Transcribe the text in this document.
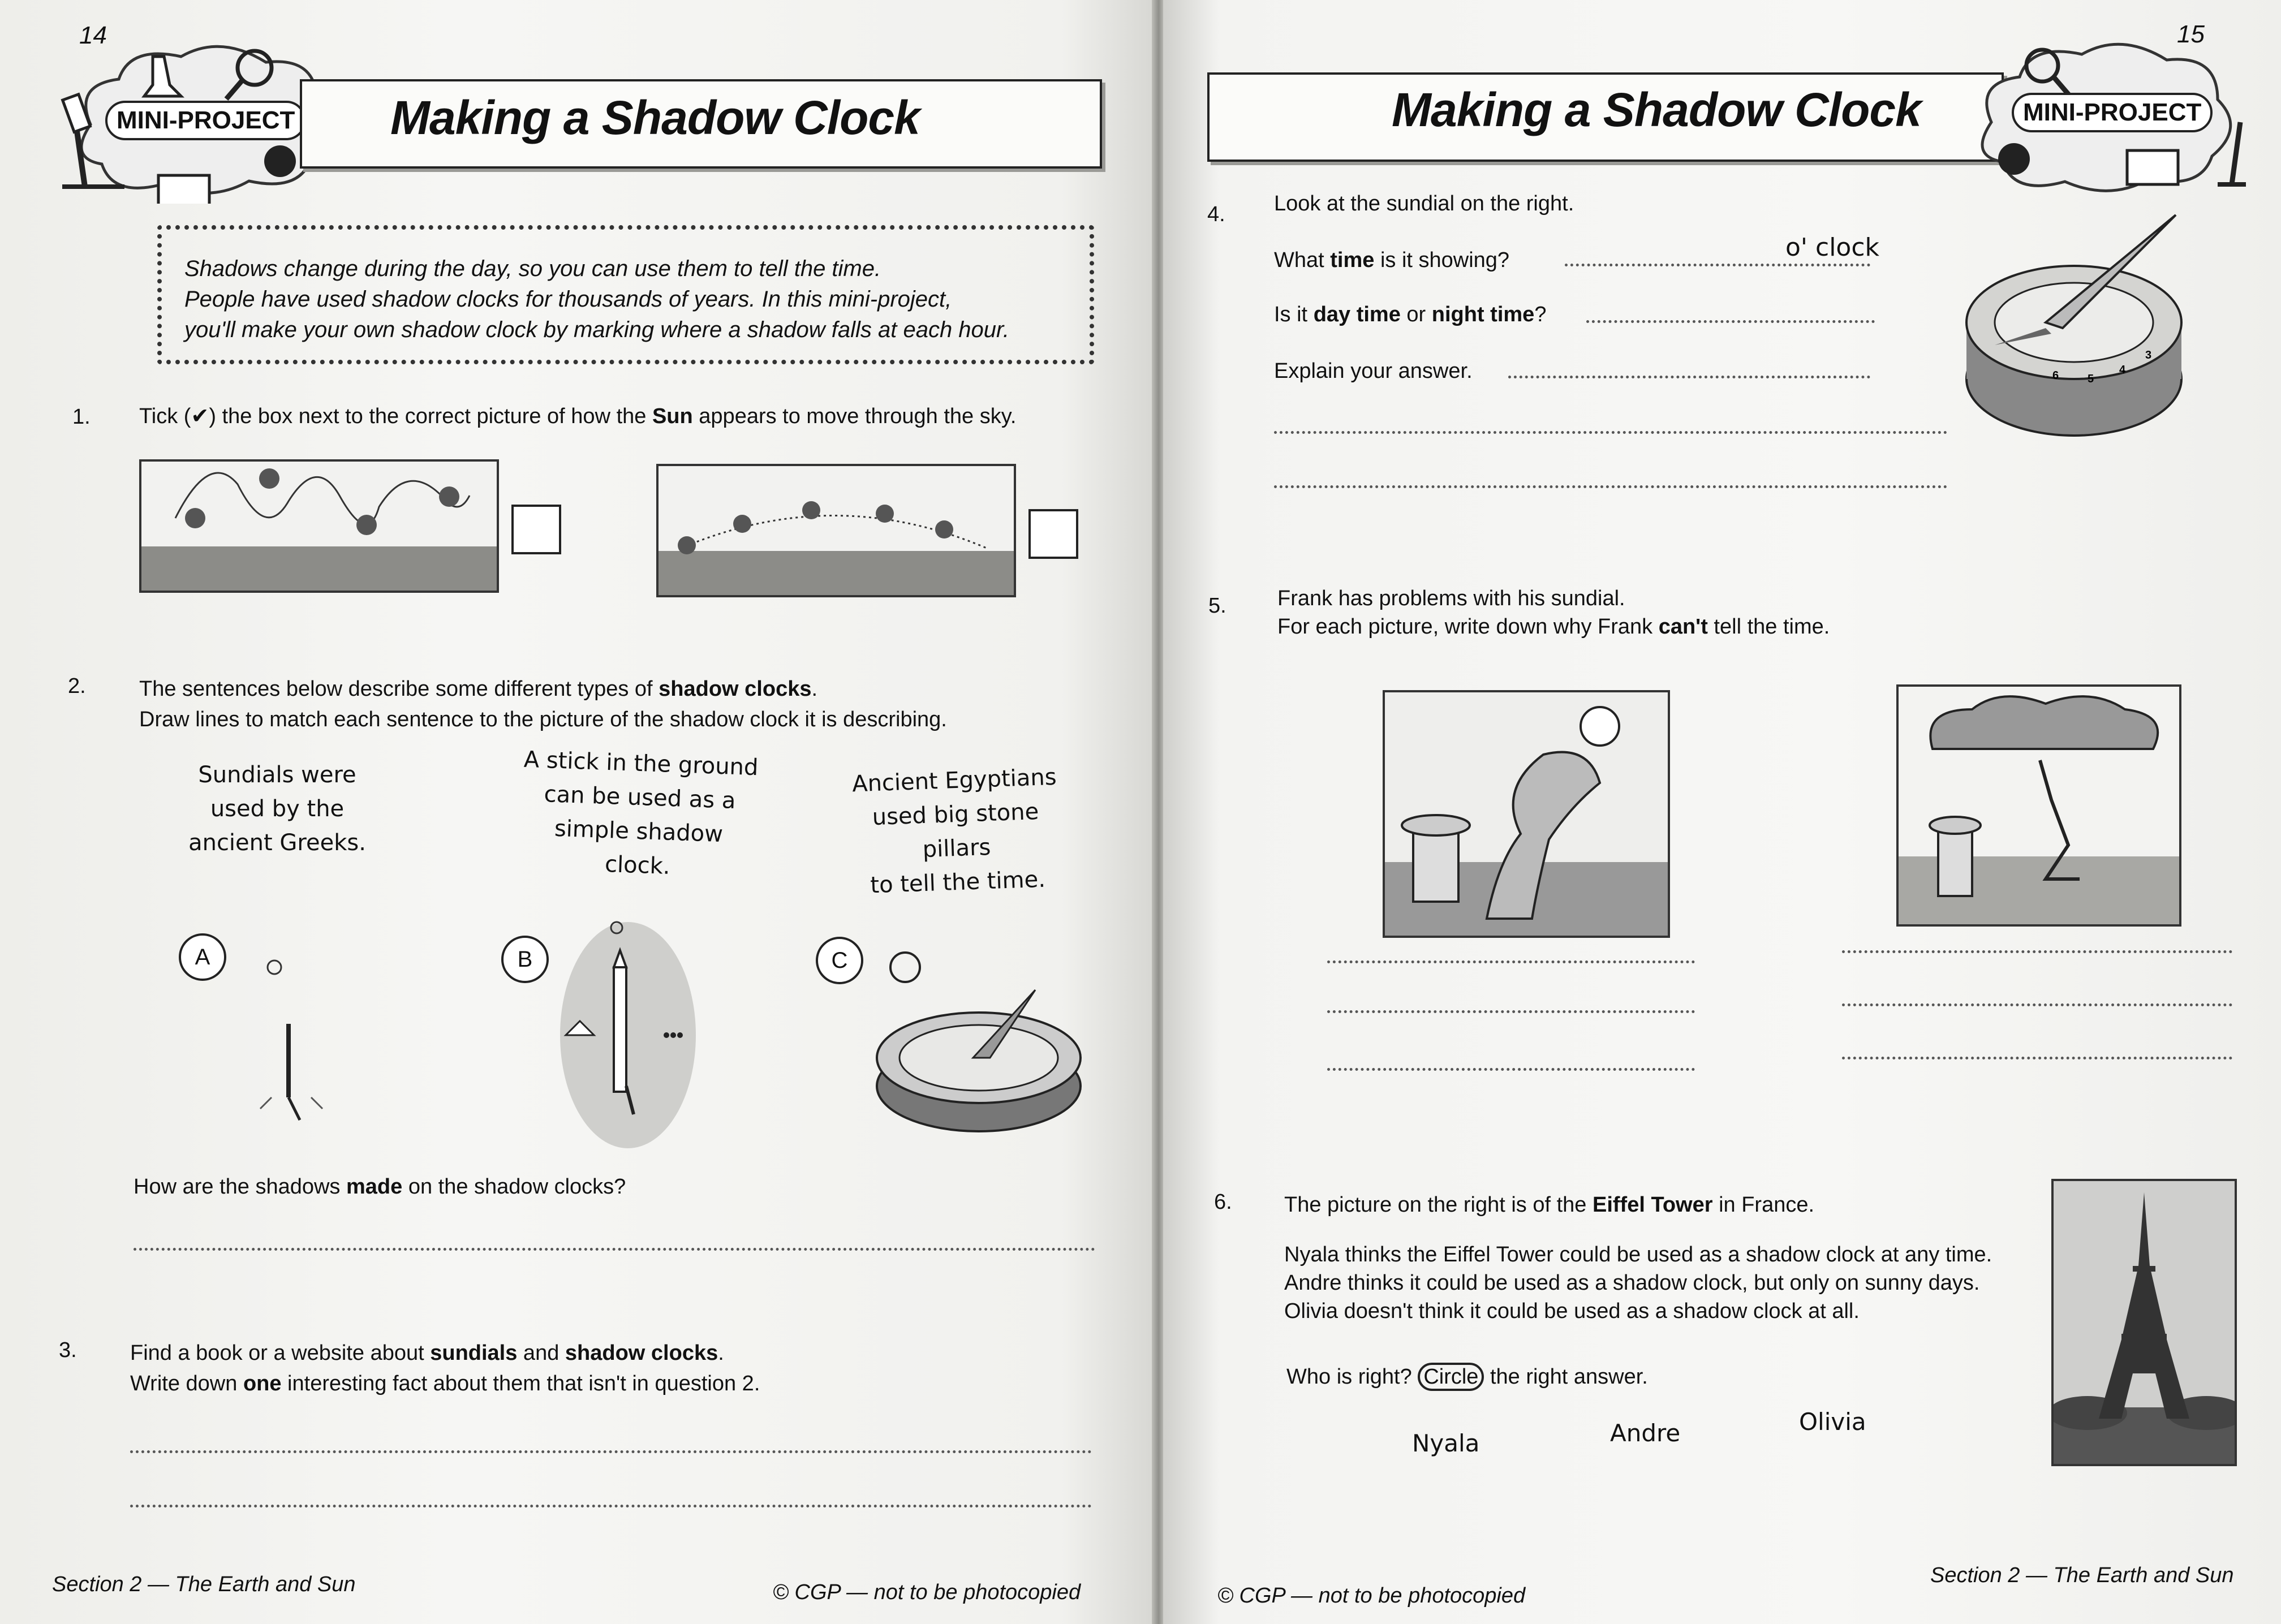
14
MINI-PROJECT Making a Shadow Clock

Shadows change during the day, so you can use them to tell the time.

People have used shadow clocks for thousands of years. In this mini-project,

you'll make your own shadow clock by marking where a shadow falls at each hour.

1. Tick (✔) the box next to the correct picture of how the Sun appears to move through the sky.
2. The sentences below describe some different types of shadow clocks.
Draw lines to match each sentence to the picture of the shadow clock it is describing.
Sundials were
used by the
ancient Greeks.
A stick in the ground
can be used as a
simple shadow clock.
Ancient Egyptians
used big stone pillars
to tell the time.
A	B	C
How are the shadows made on the shadow clocks?
3. Find a book or a website about sundials and shadow clocks.
Write down one interesting fact about them that isn't in question 2.
Section 2 — The Earth and Sun	© CGP — not to be photocopied
15
Making a Shadow Clock	MINI-PROJECT
4. Look at the sundial on the right.
What time is it showing?	o' clock
Is it day time or night time?
Explain your answer.	6	5
4
3
5. Frank has problems with his sundial.
For each picture, write down why Frank can't tell the time.
6. The picture on the right is of the Eiffel Tower in France.
Nyala thinks the Eiffel Tower could be used as a shadow clock at any time.
Andre thinks it could be used as a shadow clock, but only on sunny days.
Olivia doesn't think it could be used as a shadow clock at all.
Who is right? Circle the right answer.
Nyala	Andre	Olivia
© CGP — not to be photocopied
Section 2 — The Earth and Sun
